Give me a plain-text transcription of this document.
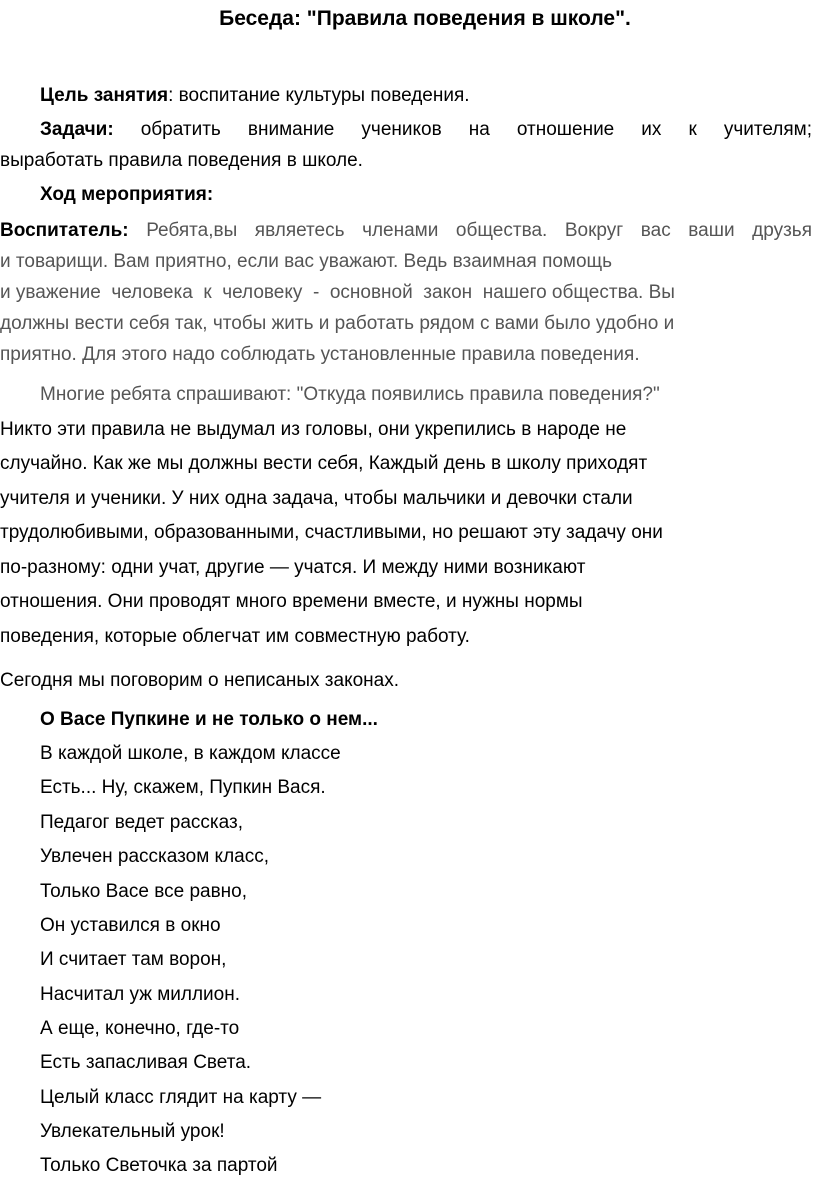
Беседа: "Правила поведения в школе".
Цель занятия: воспитание культуры поведения.
Задачи: обратить внимание учеников на отношение их к учителям;
выработать правила поведения в школе.
Ход мероприятия:
Воспитатель: Ребята,вы являетесь членами общества. Вокруг вас ваши друзья
и товарищи. Вам приятно, если вас уважают. Ведь взаимная помощь
и уважение  человека  к  человеку  -  основной  закон  нашего общества. Вы
должны вести себя так, чтобы жить и работать рядом с вами было удобно и
приятно. Для этого надо соблюдать установленные правила поведения.
Многие ребята спрашивают: "Откуда появились правила поведения?"
Никто эти правила не выдумал из головы, они укрепились в народе не
случайно. Как же мы должны вести себя, Каждый день в школу приходят
учителя и ученики. У них одна задача, чтобы мальчики и девочки стали
трудолюбивыми, образованными, счастливыми, но решают эту задачу они
по-разному: одни учат, другие — учатся. И между ними возникают
отношения. Они проводят много времени вместе, и нужны нормы
поведения, которые облегчат им совместную работу.
Сегодня мы поговорим о неписаных законах.
О Васе Пупкине и не только о нем...
В каждой школе, в каждом классе
Есть... Ну, скажем, Пупкин Вася.
Педагог ведет рассказ,
Увлечен рассказом класс,
Только Васе все равно,
Он уставился в окно
И считает там ворон,
Насчитал уж миллион.
А еще, конечно, где-то
Есть запасливая Света.
Целый класс глядит на карту —
Увлекательный урок!
Только Светочка за партой
